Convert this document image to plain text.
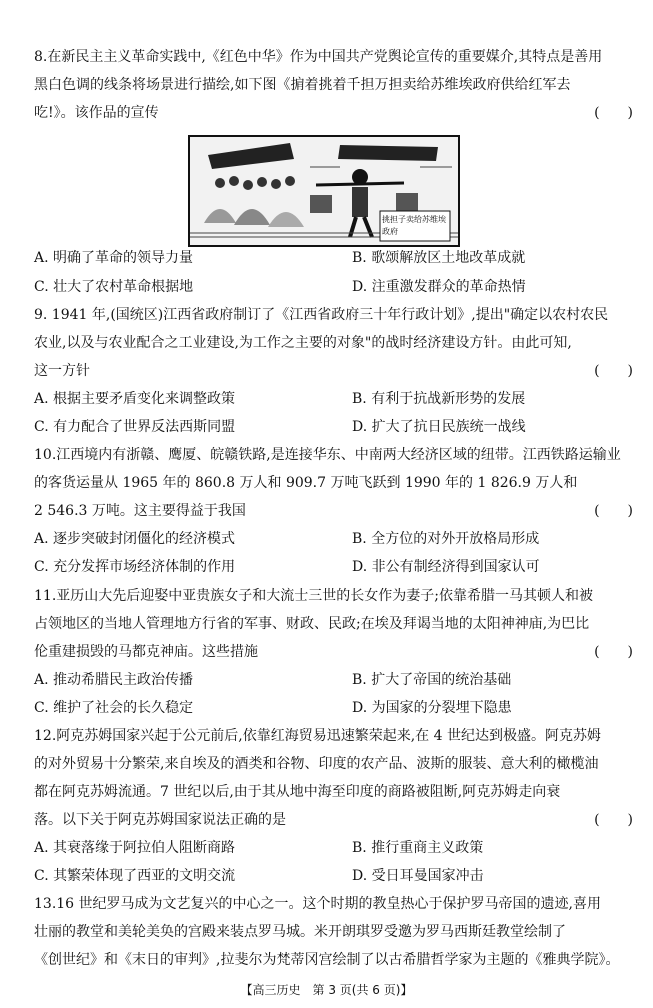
8.在新民主主义革命实践中,《红色中华》作为中国共产党舆论宣传的重要媒介,其特点是善用
黑白色调的线条将场景进行描绘,如下图《掮着挑着千担万担卖给苏维埃政府供给红军去
吃!》。该作品的宣传	(　　)
挑担子卖给苏维埃政府
A. 明确了革命的领导力量	B. 歌颂解放区土地改革成就
C. 壮大了农村革命根据地	D. 注重激发群众的革命热情
9. 1941 年,(国统区)江西省政府制订了《江西省政府三十年行政计划》,提出"确定以农村农民
农业,以及与农业配合之工业建设,为工作之主要的对象"的战时经济建设方针。由此可知,
这一方针	(　　)
A. 根据主要矛盾变化来调整政策	B. 有利于抗战新形势的发展
C. 有力配合了世界反法西斯同盟	D. 扩大了抗日民族统一战线
10.江西境内有浙赣、鹰厦、皖赣铁路,是连接华东、中南两大经济区域的纽带。江西铁路运输业
的客货运量从 1965 年的 860.8 万人和 909.7 万吨飞跃到 1990 年的 1 826.9 万人和
2 546.3 万吨。这主要得益于我国	(　　)
A. 逐步突破封闭僵化的经济模式	B. 全方位的对外开放格局形成
C. 充分发挥市场经济体制的作用	D. 非公有制经济得到国家认可
11.亚历山大先后迎娶中亚贵族女子和大流士三世的长女作为妻子;依靠希腊一马其顿人和被
占领地区的当地人管理地方行省的军事、财政、民政;在埃及拜谒当地的太阳神神庙,为巴比
伦重建损毁的马都克神庙。这些措施	(　　)
A. 推动希腊民主政治传播	B. 扩大了帝国的统治基础
C. 维护了社会的长久稳定	D. 为国家的分裂埋下隐患
12.阿克苏姆国家兴起于公元前后,依靠红海贸易迅速繁荣起来,在 4 世纪达到极盛。阿克苏姆
的对外贸易十分繁荣,来自埃及的酒类和谷物、印度的农产品、波斯的服装、意大利的橄榄油
都在阿克苏姆流通。7 世纪以后,由于其从地中海至印度的商路被阻断,阿克苏姆走向衰
落。以下关于阿克苏姆国家说法正确的是	(　　)
A. 其衰落缘于阿拉伯人阻断商路	B. 推行重商主义政策
C. 其繁荣体现了西亚的文明交流	D. 受日耳曼国家冲击
13.16 世纪罗马成为文艺复兴的中心之一。这个时期的教皇热心于保护罗马帝国的遗迹,喜用
壮丽的教堂和美轮美奂的宫殿来装点罗马城。米开朗琪罗受邀为罗马西斯廷教堂绘制了
《创世纪》和《末日的审判》,拉斐尔为梵蒂冈宫绘制了以古希腊哲学家为主题的《雅典学院》。
【高三历史　第 3 页(共 6 页)】
